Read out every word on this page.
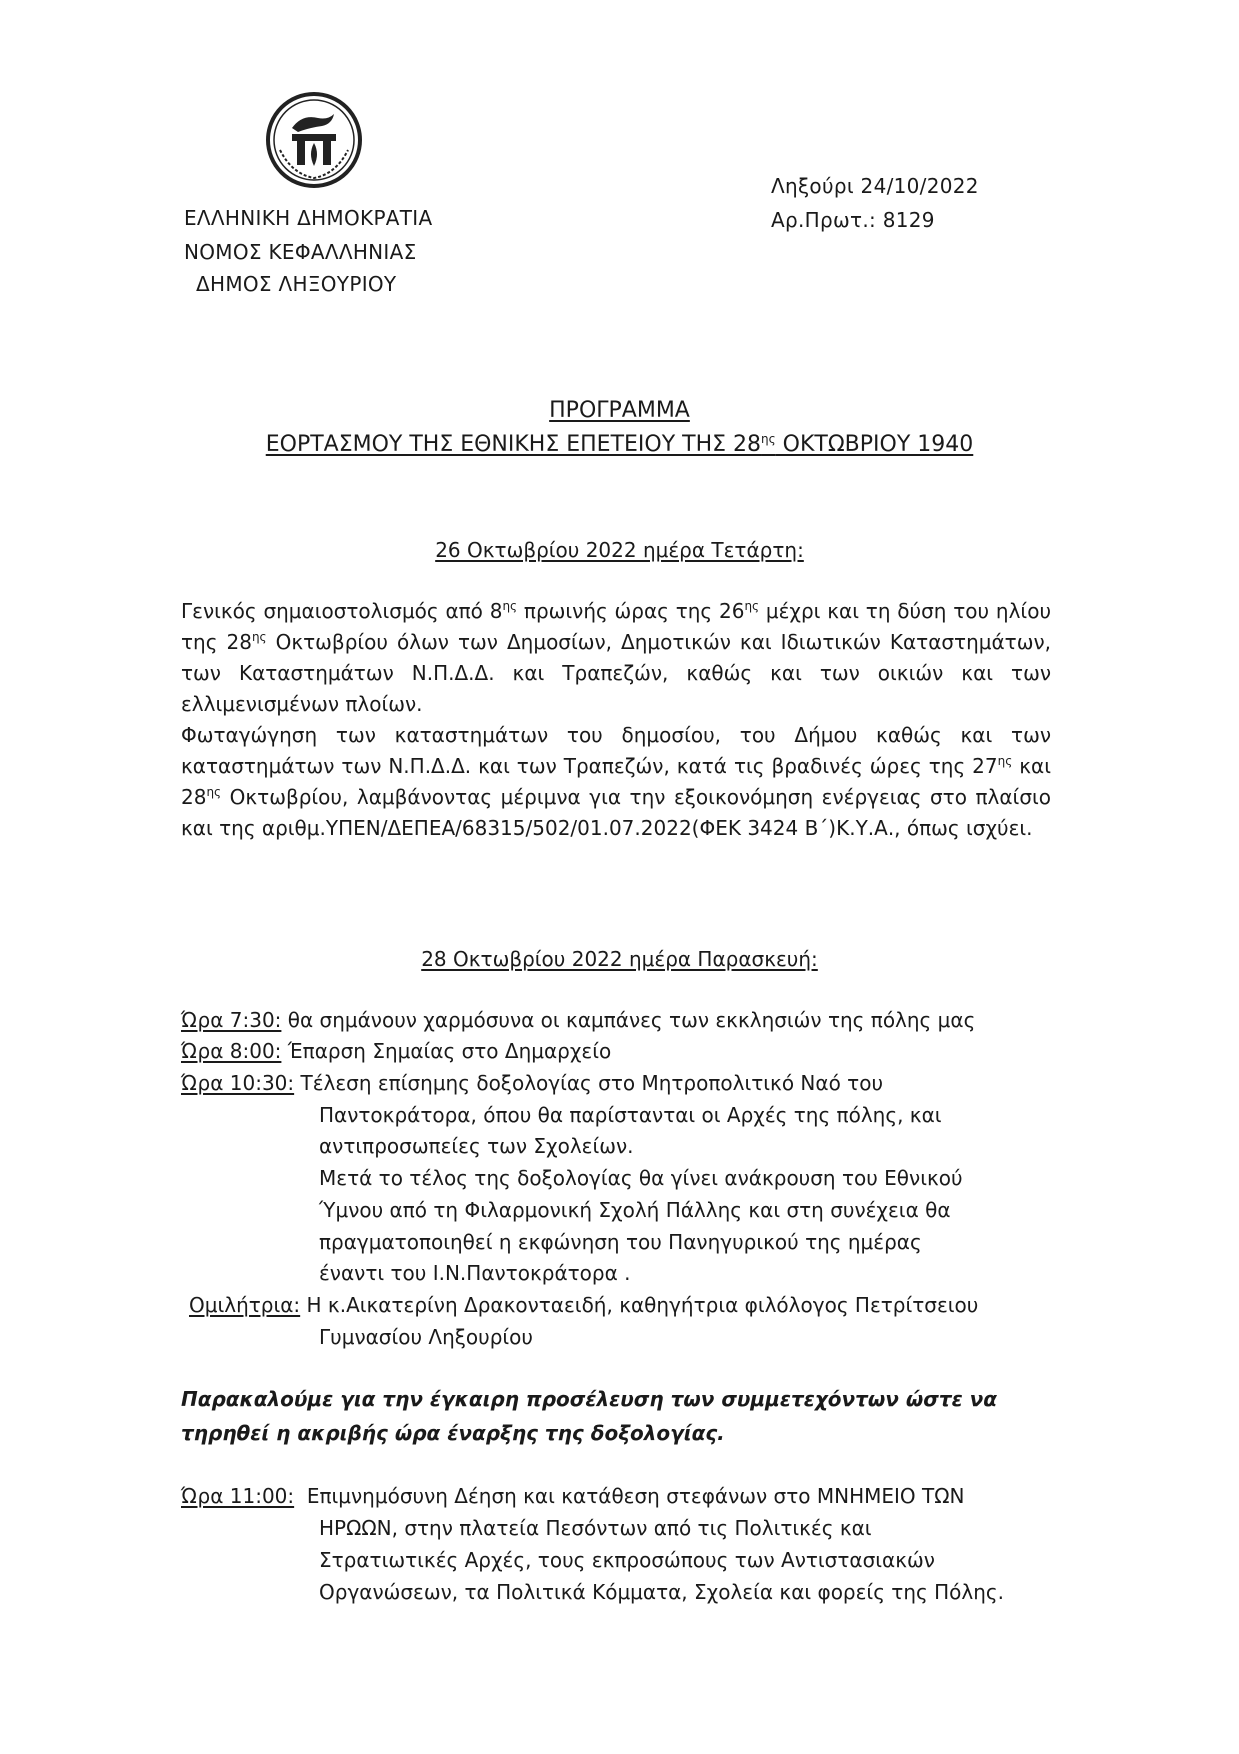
ΕΛΛΗΝΙΚΗ ΔΗΜΟΚΡΑΤΙΑ
ΝΟΜΟΣ ΚΕΦΑΛΛΗΝΙΑΣ
ΔΗΜΟΣ ΛΗΞΟΥΡΙΟΥ
Ληξούρι 24/10/2022
Αρ.Πρωτ.: 8129
ΠΡΟΓΡΑΜΜΑ
ΕΟΡΤΑΣΜΟΥ ΤΗΣ ΕΘΝΙΚΗΣ ΕΠΕΤΕΙΟΥ ΤΗΣ $28^{\eta\varsigma}$ ΟΚΤΩΒΡΙΟΥ 1940
26 Οκτωβρίου 2022 ημέρα Τετάρτη:

Γενικός σημαιοστολισμός από $8^{\eta\varsigma}$ πρωινής ώρας της $26^{\eta\varsigma}$ μέχρι και τη δύση του ηλίου της $28^{\eta\varsigma}$ Οκτωβρίου όλων των Δημοσίων, Δημοτικών και Ιδιωτικών Καταστημάτων, των Καταστημάτων Ν.Π.Δ.Δ. και Τραπεζών, καθώς και των οικιών και των ελλιμενισμένων πλοίων.

Φωταγώγηση των καταστημάτων του δημοσίου, του Δήμου καθώς και των καταστημάτων των Ν.Π.Δ.Δ. και των Τραπεζών, κατά τις βραδινές ώρες της $27^{\eta\varsigma}$ και $28^{\eta\varsigma}$ Οκτωβρίου, λαμβάνοντας μέριμνα για την εξοικονόμηση ενέργειας στο πλαίσιο και της αριθμ.ΥΠΕΝ/ΔΕΠΕΑ/68315/502/01.07.2022(ΦΕΚ 3424 Β΄)Κ.Υ.Α., όπως ισχύει.

28 Οκτωβρίου 2022 ημέρα Παρασκευή:
Ώρα 7:30: θα σημάνουν χαρμόσυνα οι καμπάνες των εκκλησιών της πόλης μας
Ώρα 8:00: Έπαρση Σημαίας στο Δημαρχείο
Ώρα 10:30: Τέλεση επίσημης δοξολογίας στο Μητροπολιτικό Ναό του
Παντοκράτορα, όπου θα παρίστανται οι Αρχές της πόλης, και
αντιπροσωπείες των Σχολείων.
Μετά το τέλος της δοξολογίας θα γίνει ανάκρουση του Εθνικού
Ύμνου από τη Φιλαρμονική Σχολή Πάλλης και στη συνέχεια θα
πραγματοποιηθεί η εκφώνηση του Πανηγυρικού της ημέρας
έναντι του Ι.Ν.Παντοκράτορα .
Ομιλήτρια: Η κ.Αικατερίνη Δρακονταειδή, καθηγήτρια φιλόλογος Πετρίτσειου
Γυμνασίου Ληξουρίου
Παρακαλούμε για την έγκαιρη προσέλευση των συμμετεχόντων ώστε να τηρηθεί η ακριβής ώρα έναρξης της δοξολογίας.
Ώρα 11:00:  Επιμνημόσυνη Δέηση και κατάθεση στεφάνων στο ΜΝΗΜΕΙΟ ΤΩΝ
ΗΡΩΩΝ, στην πλατεία Πεσόντων από τις Πολιτικές και
Στρατιωτικές Αρχές, τους εκπροσώπους των Αντιστασιακών
Οργανώσεων, τα Πολιτικά Κόμματα, Σχολεία και φορείς της Πόλης.
